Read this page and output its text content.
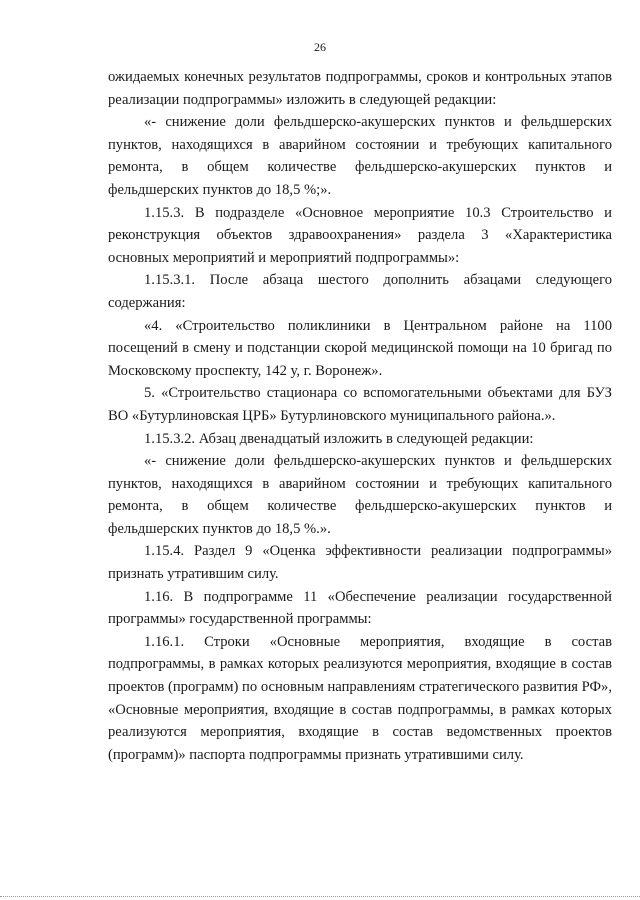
26

ожидаемых конечных результатов подпрограммы, сроков и контрольных этапов реализации подпрограммы» изложить в следующей редакции:

«- снижение доли фельдшерско-акушерских пунктов и фельдшерских пунктов, находящихся в аварийном состоянии и требующих капитального ремонта, в общем количестве фельдшерско-акушерских пунктов и фельдшерских пунктов до 18,5 %;».

1.15.3. В подразделе «Основное мероприятие 10.3 Строительство и реконструкция объектов здравоохранения» раздела 3 «Характеристика основных мероприятий и мероприятий подпрограммы»:

1.15.3.1. После абзаца шестого дополнить абзацами следующего содержания:

«4. «Строительство поликлиники в Центральном районе на 1100 посещений в смену и подстанции скорой медицинской помощи на 10 бригад по Московскому проспекту, 142 у, г. Воронеж».

5. «Строительство стационара со вспомогательными объектами для БУЗ ВО «Бутурлиновская ЦРБ» Бутурлиновского муниципального района.».

1.15.3.2. Абзац двенадцатый изложить в следующей редакции:

«- снижение доли фельдшерско-акушерских пунктов и фельдшерских пунктов, находящихся в аварийном состоянии и требующих капитального ремонта, в общем количестве фельдшерско-акушерских пунктов и фельдшерских пунктов до 18,5 %.».

1.15.4. Раздел 9 «Оценка эффективности реализации подпрограммы» признать утратившим силу.

1.16. В подпрограмме 11 «Обеспечение реализации государственной программы» государственной программы:

1.16.1. Строки «Основные мероприятия, входящие в состав подпрограммы, в рамках которых реализуются мероприятия, входящие в состав проектов (программ) по основным направлениям стратегического развития РФ», «Основные мероприятия, входящие в состав подпрограммы, в рамках которых реализуются мероприятия, входящие в состав ведомственных проектов (программ)» паспорта подпрограммы признать утратившими силу.
